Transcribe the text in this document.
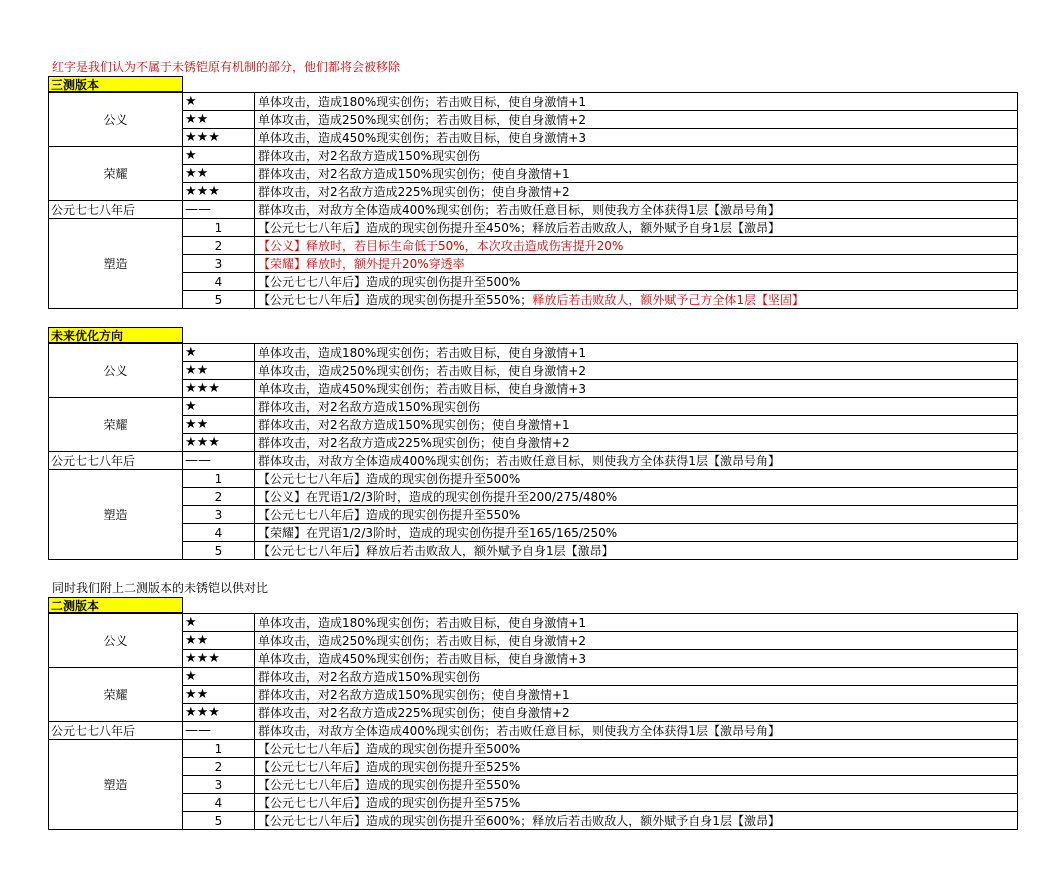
红字是我们认为不属于未锈铠原有机制的部分，他们都将会被移除
三测版本
公义	★	单体攻击，造成180%现实创伤；若击败目标，使自身激情+1
	★★	单体攻击，造成250%现实创伤；若击败目标，使自身激情+2
	★★★	单体攻击，造成450%现实创伤；若击败目标，使自身激情+3
荣耀	★	群体攻击，对2名敌方造成150%现实创伤
	★★	群体攻击，对2名敌方造成150%现实创伤；使自身激情+1
	★★★	群体攻击，对2名敌方造成225%现实创伤；使自身激情+2
公元七七八年后	——	群体攻击，对敌方全体造成400%现实创伤；若击败任意目标，则使我方全体获得1层【激昂号角】
塑造	1	【公元七七八年后】造成的现实创伤提升至450%；释放后若击败敌人，额外赋予自身1层【激昂】
	2	【公义】释放时，若目标生命低于50%，本次攻击造成伤害提升20%
	3	【荣耀】释放时，额外提升20%穿透率
	4	【公元七七八年后】造成的现实创伤提升至500%
	5	【公元七七八年后】造成的现实创伤提升至550%；释放后若击败敌人，额外赋予己方全体1层【坚固】
未来优化方向
公义	★	单体攻击，造成180%现实创伤；若击败目标，使自身激情+1
	★★	单体攻击，造成250%现实创伤；若击败目标，使自身激情+2
	★★★	单体攻击，造成450%现实创伤；若击败目标，使自身激情+3
荣耀	★	群体攻击，对2名敌方造成150%现实创伤
	★★	群体攻击，对2名敌方造成150%现实创伤；使自身激情+1
	★★★	群体攻击，对2名敌方造成225%现实创伤；使自身激情+2
公元七七八年后	——	群体攻击，对敌方全体造成400%现实创伤；若击败任意目标，则使我方全体获得1层【激昂号角】
塑造	1	【公元七七八年后】造成的现实创伤提升至500%
	2	【公义】在咒语1/2/3阶时，造成的现实创伤提升至200/275/480%
	3	【公元七七八年后】造成的现实创伤提升至550%
	4	【荣耀】在咒语1/2/3阶时，造成的现实创伤提升至165/165/250%
	5	【公元七七八年后】释放后若击败敌人，额外赋予自身1层【激昂】
同时我们附上二测版本的未锈铠以供对比
二测版本
公义	★	单体攻击，造成180%现实创伤；若击败目标，使自身激情+1
	★★	单体攻击，造成250%现实创伤；若击败目标，使自身激情+2
	★★★	单体攻击，造成450%现实创伤；若击败目标，使自身激情+3
荣耀	★	群体攻击，对2名敌方造成150%现实创伤
	★★	群体攻击，对2名敌方造成150%现实创伤；使自身激情+1
	★★★	群体攻击，对2名敌方造成225%现实创伤；使自身激情+2
公元七七八年后	——	群体攻击，对敌方全体造成400%现实创伤；若击败任意目标，则使我方全体获得1层【激昂号角】
塑造	1	【公元七七八年后】造成的现实创伤提升至500%
	2	【公元七七八年后】造成的现实创伤提升至525%
	3	【公元七七八年后】造成的现实创伤提升至550%
	4	【公元七七八年后】造成的现实创伤提升至575%
	5	【公元七七八年后】造成的现实创伤提升至600%；释放后若击败敌人，额外赋予自身1层【激昂】
